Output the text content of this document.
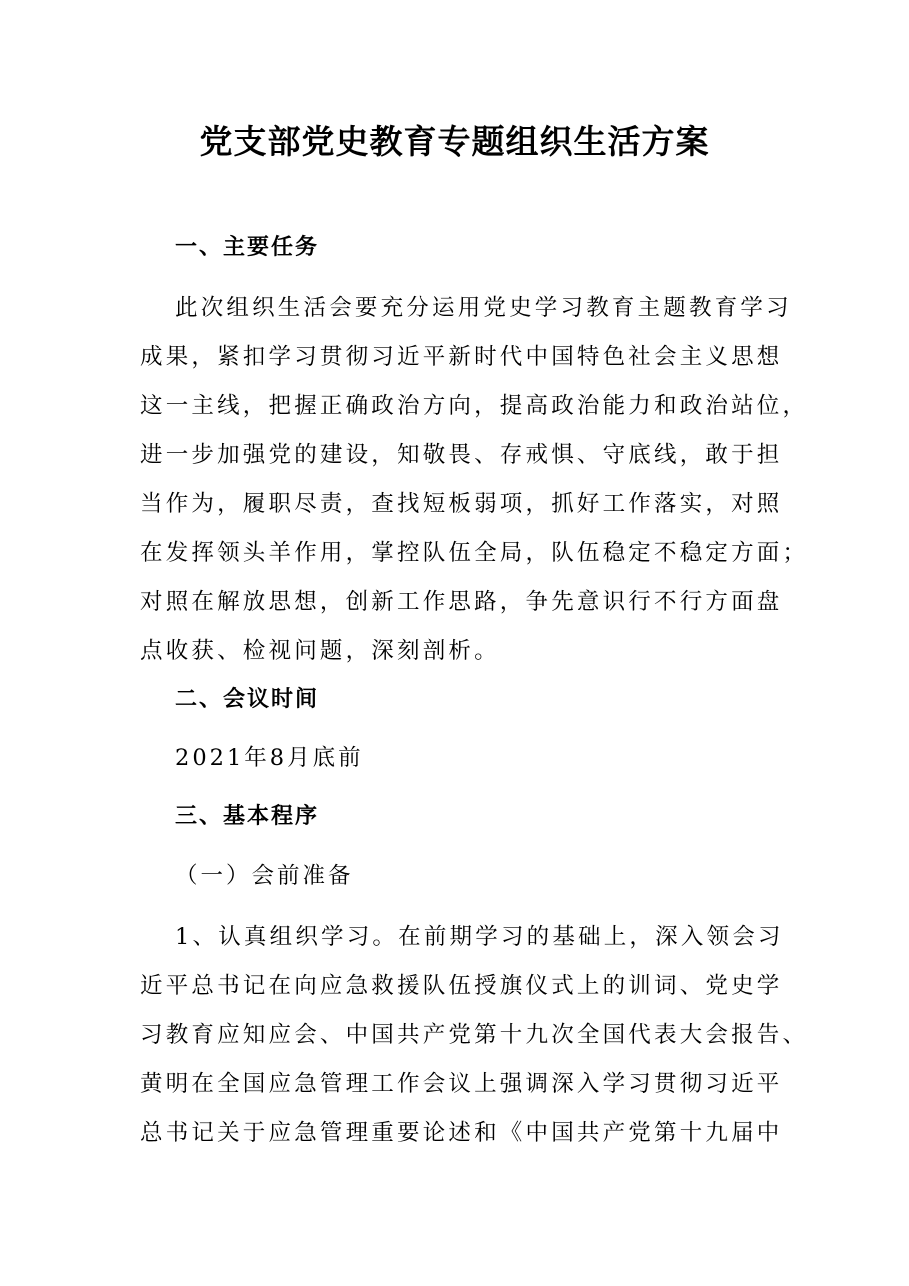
党支部党史教育专题组织生活方案
一、主要任务

此次组织生活会要充分运用党史学习教育主题教育学习
成果，紧扣学习贯彻习近平新时代中国特色社会主义思想
这一主线，把握正确政治方向，提高政治能力和政治站位，
进一步加强党的建设，知敬畏、存戒惧、守底线，敢于担
当作为，履职尽责，查找短板弱项，抓好工作落实，对照
在发挥领头羊作用，掌控队伍全局，队伍稳定不稳定方面；
对照在解放思想，创新工作思路，争先意识行不行方面盘
点收获、检视问题，深刻剖析。

二、会议时间
2021年8月底前
三、基本程序
（一）会前准备

1、认真组织学习。在前期学习的基础上，深入领会习
近平总书记在向应急救援队伍授旗仪式上的训词、党史学
习教育应知应会、中国共产党第十九次全国代表大会报告、
黄明在全国应急管理工作会议上强调深入学习贯彻习近平
总书记关于应急管理重要论述和《中国共产党第十九届中
